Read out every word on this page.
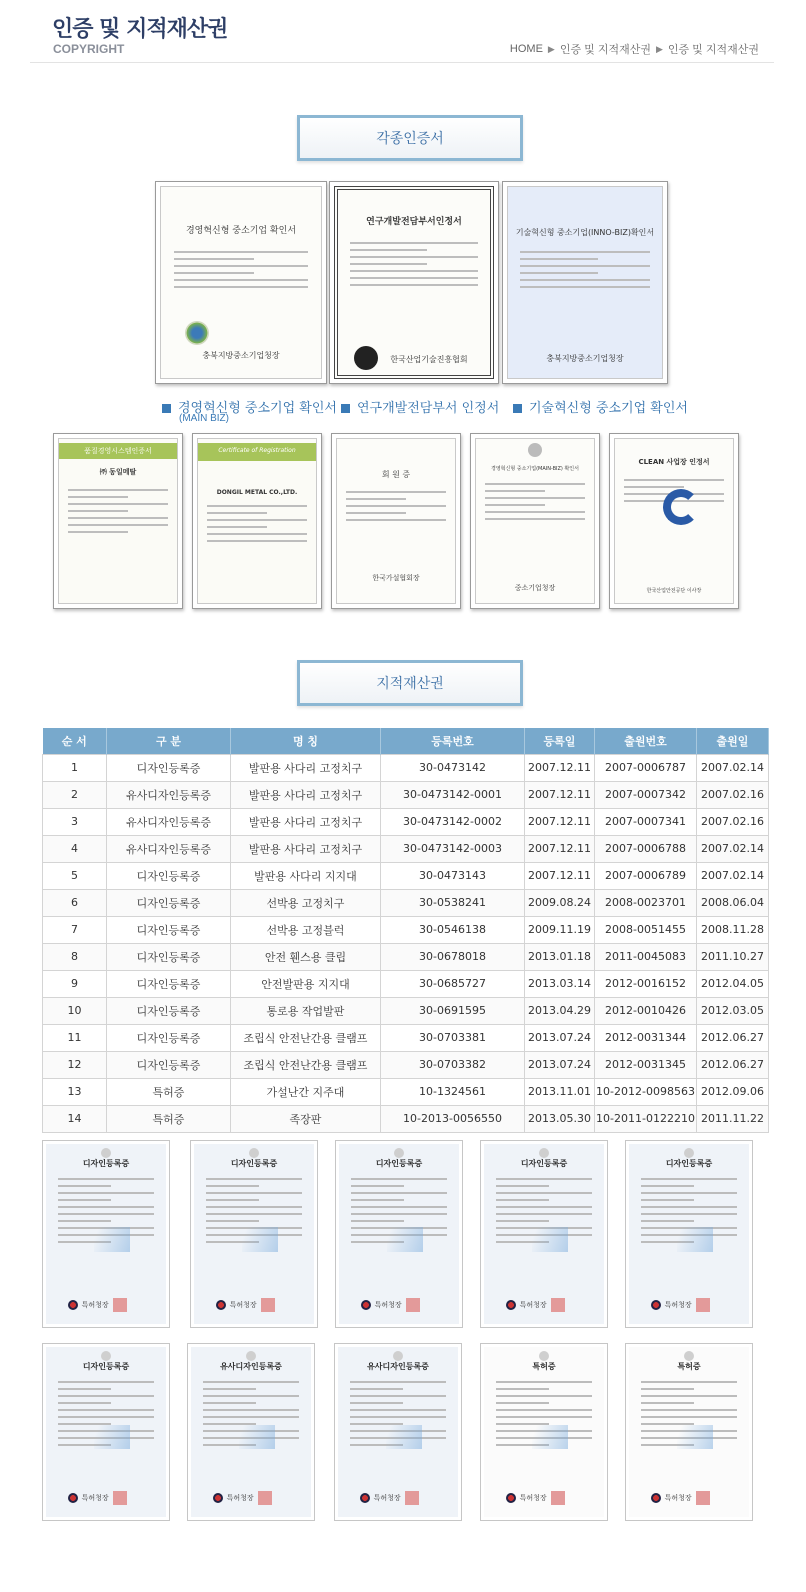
인증 및 지적재산권
COPYRIGHT	HOME ▶ 인증 및 지적재산권 ▶ 인증 및 지적재산권
각종인증서
경영혁신형 중소기업 확인서
충북지방중소기업청장
연구개발전담부서인정서
한국산업기술진흥협회
기술혁신형 중소기업(INNO-BIZ)확인서
충북지방중소기업청장
경영혁신형 중소기업 확인서
(MAIN BIZ)
연구개발전담부서 인정서	기술혁신형 중소기업 확인서
품질경영시스템인증서
㈜ 동일메탈
Certificate of Registration
DONGIL METAL CO.,LTD.
회 원 증
한국가설협회장
경영혁신형 중소기업(MAIN-BIZ) 확인서
중소기업청장
CLEAN 사업장 인정서
한국산업안전공단 이사장
지적재산권
순 서	구 분	명 칭	등록번호	등록일	출원번호	출원일
1	디자인등록증	발판용 사다리 고정치구	30-0473142	2007.12.11	2007-0006787	2007.02.14
2	유사디자인등록증	발판용 사다리 고정치구	30-0473142-0001	2007.12.11	2007-0007342	2007.02.16
3	유사디자인등록증	발판용 사다리 고정치구	30-0473142-0002	2007.12.11	2007-0007341	2007.02.16
4	유사디자인등록증	발판용 사다리 고정치구	30-0473142-0003	2007.12.11	2007-0006788	2007.02.14
5	디자인등록증	발판용 사다리 지지대	30-0473143	2007.12.11	2007-0006789	2007.02.14
6	디자인등록증	선박용 고정치구	30-0538241	2009.08.24	2008-0023701	2008.06.04
7	디자인등록증	선박용 고정블럭	30-0546138	2009.11.19	2008-0051455	2008.11.28
8	디자인등록증	안전 휀스용 클립	30-0678018	2013.01.18	2011-0045083	2011.10.27
9	디자인등록증	안전발판용 지지대	30-0685727	2013.03.14	2012-0016152	2012.04.05
10	디자인등록증	통로용 작업발판	30-0691595	2013.04.29	2012-0010426	2012.03.05
11	디자인등록증	조립식 안전난간용 클램프	30-0703381	2013.07.24	2012-0031344	2012.06.27
12	디자인등록증	조립식 안전난간용 클램프	30-0703382	2013.07.24	2012-0031345	2012.06.27
13	특허증	가설난간 지주대	10-1324561	2013.11.01	10-2012-0098563	2012.09.06
14	특허증	족장판	10-2013-0056550	2013.05.30	10-2011-0122210	2011.11.22
디자인등록증
특허청장
디자인등록증
특허청장
디자인등록증
특허청장
디자인등록증
특허청장
디자인등록증
특허청장
디자인등록증
특허청장
유사디자인등록증
특허청장
유사디자인등록증
특허청장
특허증
특허청장
특허증
특허청장
